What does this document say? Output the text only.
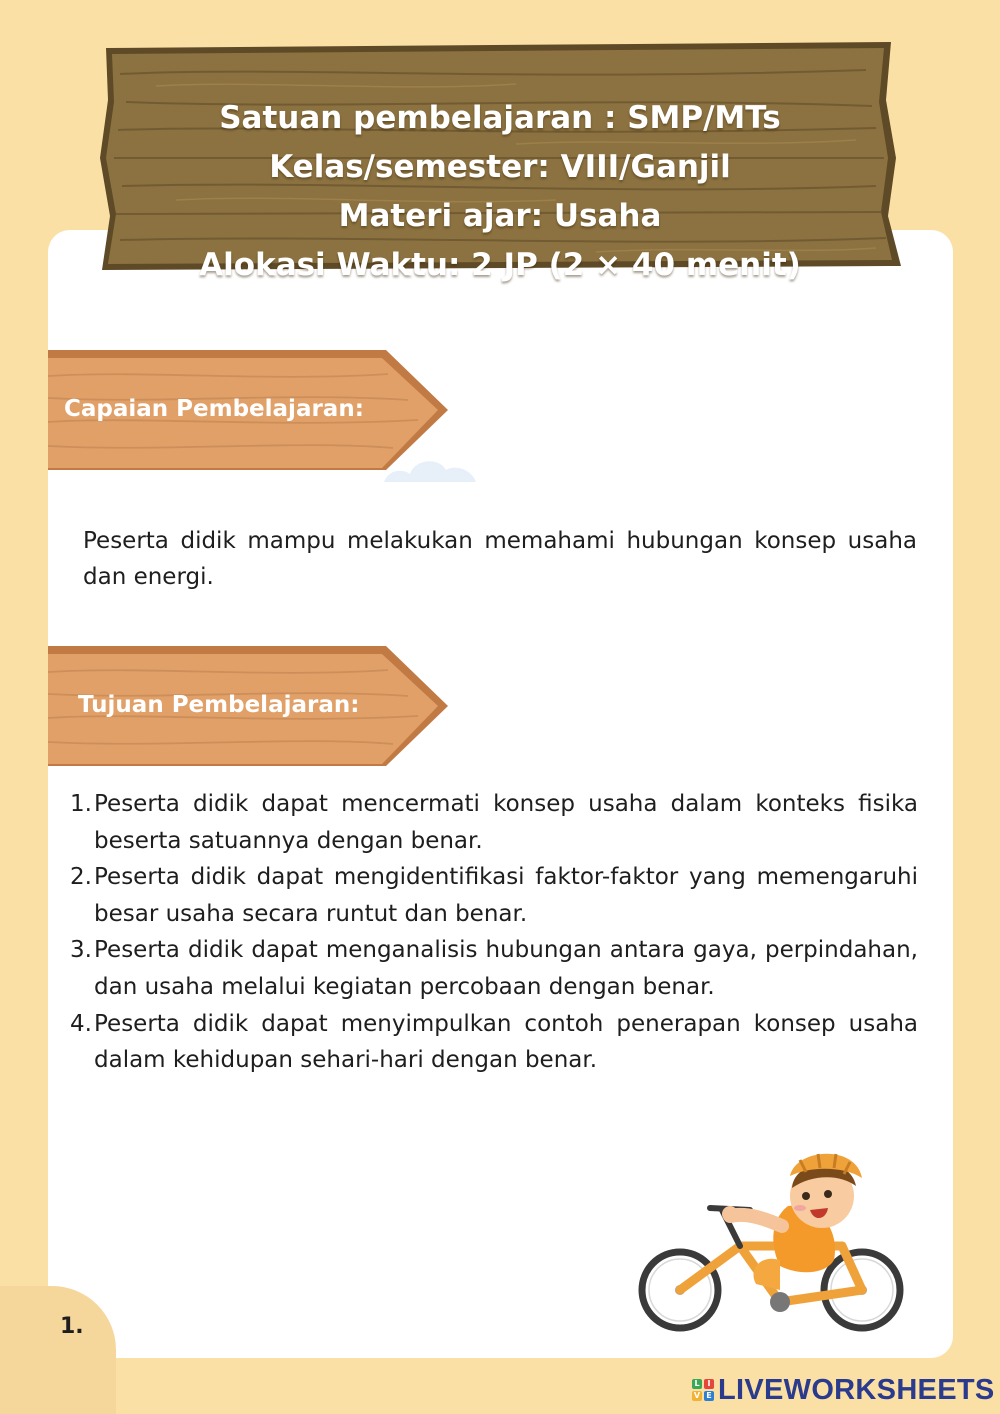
Satuan pembelajaran : SMP/MTs
Kelas/semester: VIII/Ganjil
Materi ajar: Usaha
Alokasi Waktu: 2 JP (2 × 40 menit)
Capaian Pembelajaran:

Peserta didik mampu melakukan memahami hubungan konsep usaha dan energi.

Tujuan Pembelajaran:
1. Peserta didik dapat mencermati konsep usaha dalam konteks fisika beserta satuannya dengan benar.
2. Peserta didik dapat mengidentifikasi faktor-faktor yang memengaruhi besar usaha secara runtut dan benar.
3. Peserta didik dapat menganalisis hubungan antara gaya, perpindahan, dan usaha melalui kegiatan percobaan dengan benar.
4. Peserta didik dapat menyimpulkan contoh penerapan konsep usaha dalam kehidupan sehari-hari dengan benar.
1.
L I
V E LIVEWORKSHEETS
